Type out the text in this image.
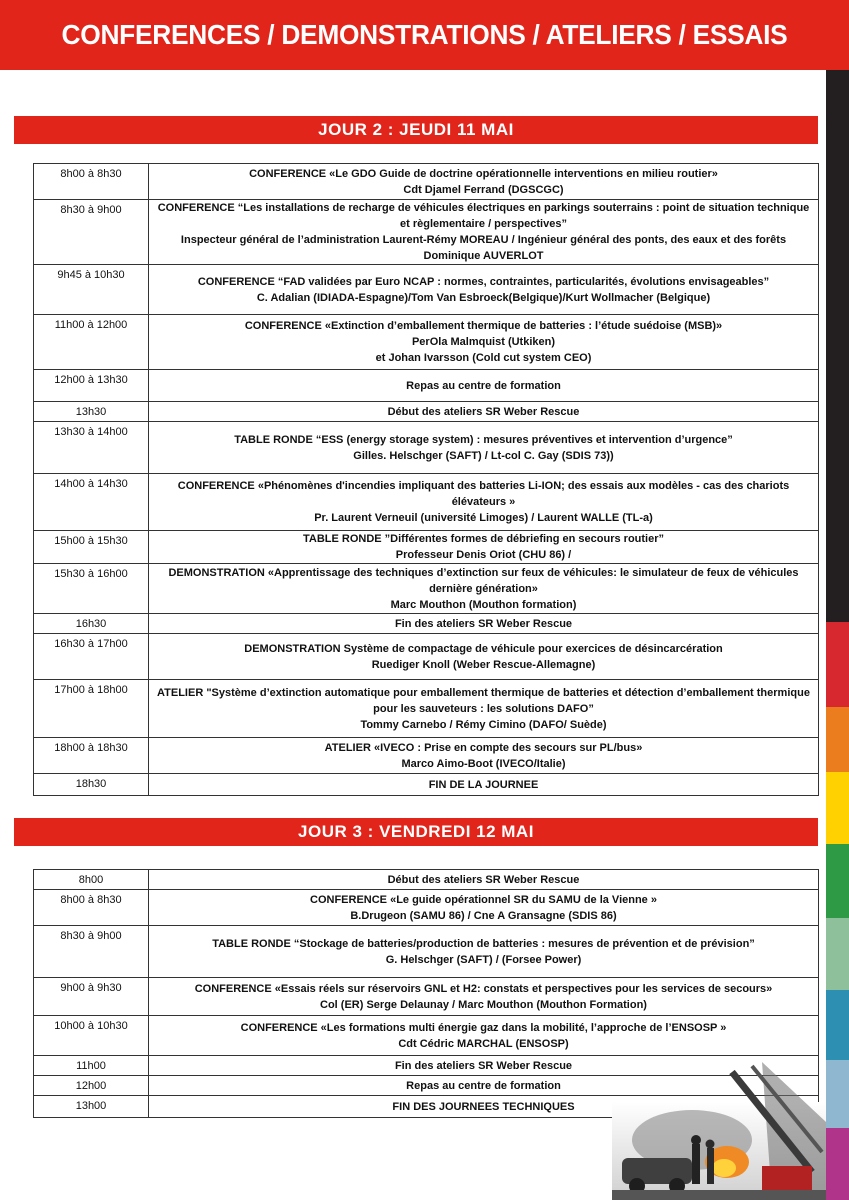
CONFERENCES / DEMONSTRATIONS / ATELIERS / ESSAIS
JOUR 2 : JEUDI 11 MAI
8h00 à 8h30	CONFERENCE «Le GDO Guide de doctrine opérationnelle interventions en milieu routier»
Cdt Djamel Ferrand (DGSCGC)

8h30 à 9h00	CONFERENCE “Les installations de recharge de véhicules électriques en parkings souterrains : point de situation technique et règlementaire / perspectives”
Inspecteur général de l’administration Laurent-Rémy MOREAU / Ingénieur général des ponts, des eaux et des forêts Dominique AUVERLOT

9h45 à 10h30	CONFERENCE “FAD validées par Euro NCAP : normes, contraintes, particularités, évolutions envisageables”
C. Adalian (IDIADA-Espagne)/Tom Van Esbroeck(Belgique)/Kurt Wollmacher (Belgique)

11h00 à 12h00	CONFERENCE «Extinction d’emballement thermique de batteries : l’étude suédoise (MSB)»
PerOla Malmquist (Utkiken)
et Johan Ivarsson (Cold cut system CEO)

12h00 à 13h30	Repas au centre de formation

13h30	Début des ateliers SR Weber Rescue

13h30 à 14h00	TABLE RONDE “ESS (energy storage system) : mesures préventives et intervention d’urgence”
Gilles. Helschger (SAFT) / Lt-col C. Gay (SDIS 73))

14h00 à 14h30	CONFERENCE «Phénomènes d'incendies impliquant des batteries Li-ION; des essais aux modèles - cas des chariots élévateurs »
Pr. Laurent Verneuil (université Limoges) / Laurent WALLE (TL-a)

15h00 à 15h30	TABLE RONDE ”Différentes formes de débriefing en secours routier”
Professeur Denis Oriot (CHU 86) /

15h30 à 16h00	DEMONSTRATION «Apprentissage des techniques d’extinction sur feux de véhicules: le simulateur de feux de véhicules dernière génération»
Marc Mouthon (Mouthon formation)

16h30	Fin des ateliers SR Weber Rescue

16h30 à 17h00	DEMONSTRATION Système de compactage de véhicule pour exercices de désincarcération
Ruediger Knoll (Weber Rescue-Allemagne)

17h00 à 18h00	ATELIER "Système d’extinction automatique pour emballement thermique de batteries et détection d’emballement thermique pour les sauveteurs : les solutions DAFO”
Tommy Carnebo / Rémy Cimino (DAFO/ Suède)

18h00 à 18h30	ATELIER «IVECO : Prise en compte des secours sur PL/bus»
Marco Aimo-Boot (IVECO/Italie)

18h30	FIN DE LA JOURNEE
JOUR 3 : VENDREDI 12 MAI
8h00	Début des ateliers SR Weber Rescue

8h00 à 8h30	CONFERENCE «Le guide opérationnel SR du SAMU de la Vienne »
B.Drugeon (SAMU 86) / Cne A Gransagne (SDIS 86)

8h30 à 9h00	TABLE RONDE “Stockage de batteries/production de batteries : mesures de prévention et de prévision”
G. Helschger (SAFT) / (Forsee Power)

9h00 à 9h30	CONFERENCE «Essais réels sur réservoirs GNL et H2: constats et perspectives pour les services de secours»
Col (ER) Serge Delaunay / Marc Mouthon (Mouthon Formation)

10h00 à 10h30	CONFERENCE «Les formations multi énergie gaz dans la mobilité, l’approche de l’ENSOSP »
Cdt Cédric MARCHAL (ENSOSP)

11h00	Fin des ateliers SR Weber Rescue

12h00	Repas au centre de formation

13h00	FIN DES JOURNEES TECHNIQUES
